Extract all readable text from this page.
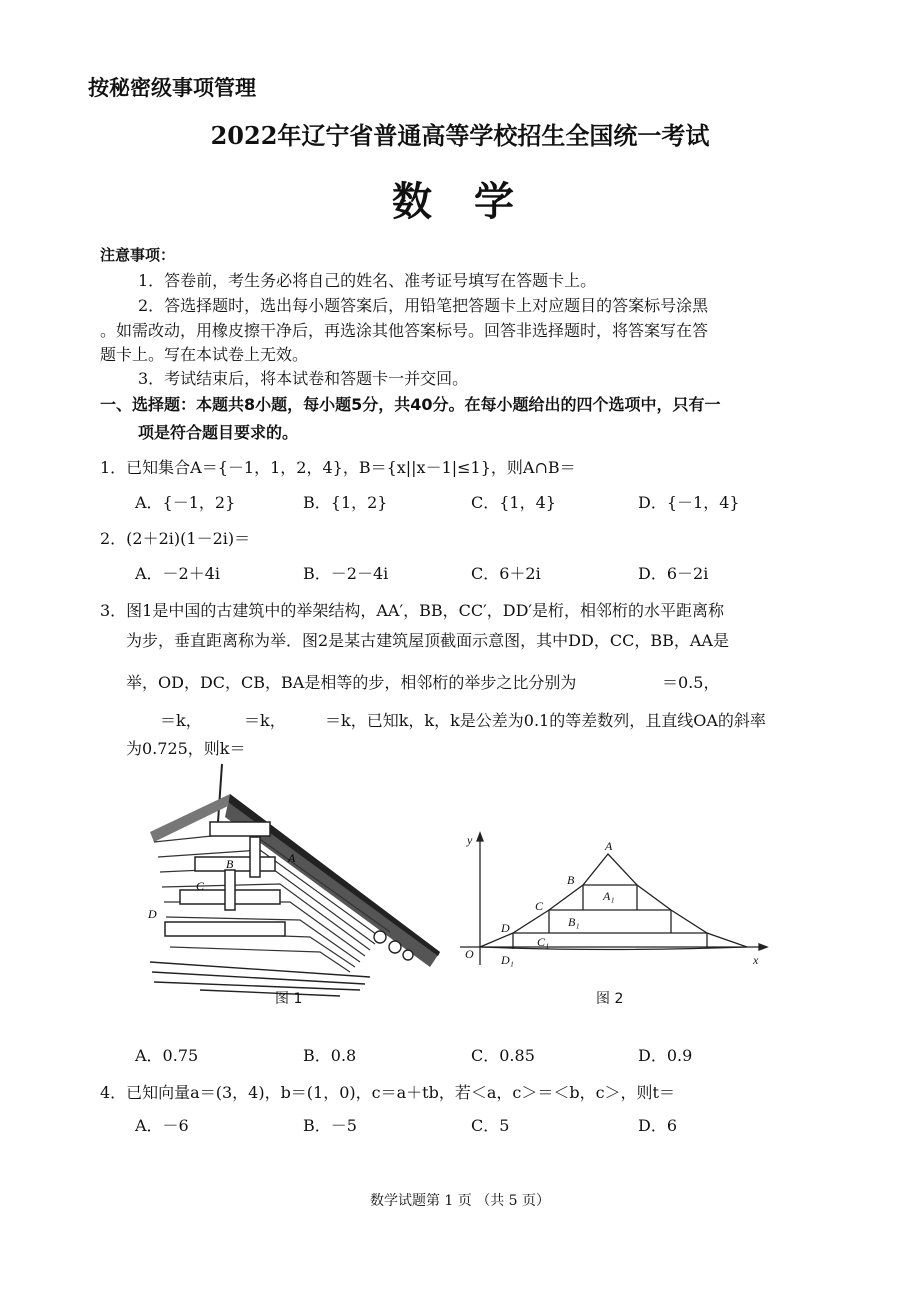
按秘密级事项管理
2022年辽宁省普通高等学校招生全国统一考试
数 学
注意事项：
1．答卷前，考生务必将自己的姓名、准考证号填写在答题卡上。
2．答选择题时，选出每小题答案后，用铅笔把答题卡上对应题目的答案标号涂黑
。如需改动，用橡皮擦干净后，再选涂其他答案标号。回答非选择题时，将答案写在答
题卡上。写在本试卷上无效。
3．考试结束后，将本试卷和答题卡一并交回。
一、选择题：本题共8小题，每小题5分，共40分。在每小题给出的四个选项中，只有一
项是符合题目要求的。
1．已知集合A＝{－1，1，2，4}，B＝{x||x－1|≤1}，则A∩B＝
A．{－1，2}	B．{1，2}	C．{1，4}	D．{－1，4}
2．(2＋2i)(1－2i)＝
A．－2＋4i	B．－2－4i	C．6＋2i	D．6－2i
3．图1是中国的古建筑中的举架结构，AA′，BB，CC′，DD′是桁，相邻桁的水平距离称
为步，垂直距离称为举．图2是某古建筑屋顶截面示意图，其中DD，CC，BB，AA是
举，OD，DC，CB，BA是相等的步，相邻桁的举步之比分别为	＝0.5，
＝k，	＝k， ＝k，已知k，k，k是公差为0.1的等差数列，且直线OA的斜率
为0.725，则k＝
A
B
C
D
图 1
A
B
C
D
O
A₁
B₁
C₁
D₁	x
y
图 2
A．0.75	B．0.8	C．0.85	D．0.9
4．已知向量a＝(3，4)，b＝(1，0)，c＝a＋tb，若＜a，c＞＝＜b，c＞，则t＝
A．－6	B．－5	C．5	D．6
数学试题第 1 页 （共 5 页）
